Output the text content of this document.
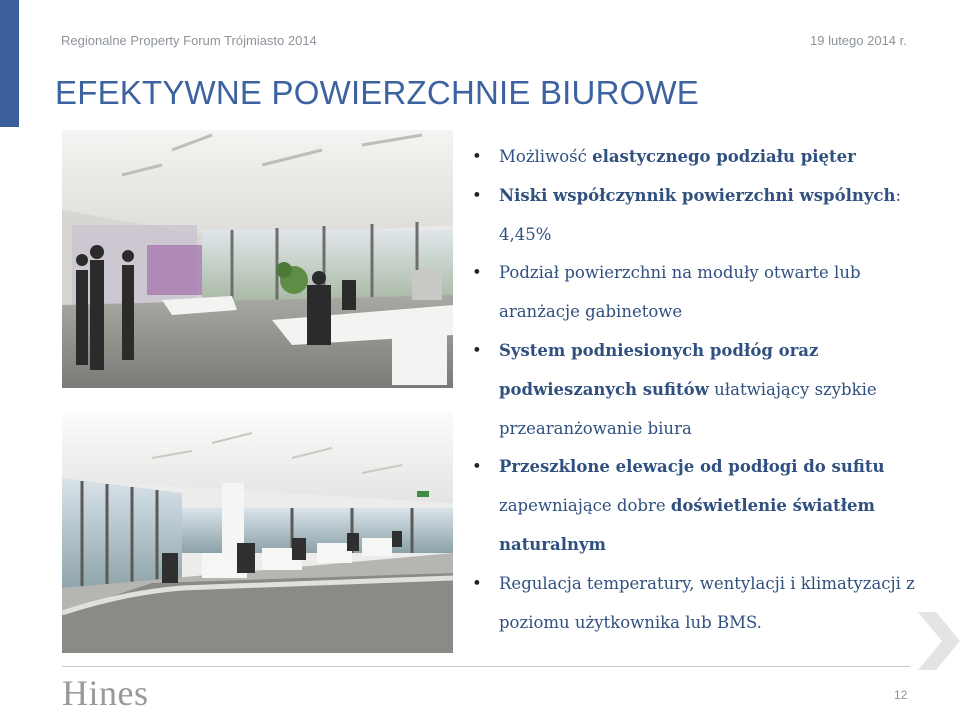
Regionalne Property Forum Trójmiasto 2014	19 lutego 2014 r.
EFEKTYWNE POWIERZCHNIE BIUROWE
• Możliwość elastycznego podziału pięter
• Niski współczynnik powierzchni wspólnych: 4,45%
• Podział powierzchni na moduły otwarte lub aranżacje gabinetowe
• System podniesionych podłóg oraz podwieszanych sufitów ułatwiający szybkie przearanżowanie biura
• Przeszklone elewacje od podłogi do sufitu zapewniające dobre doświetlenie światłem naturalnym
• Regulacja temperatury, wentylacji i klimatyzacji z poziomu użytkownika lub BMS.
Hines	12
